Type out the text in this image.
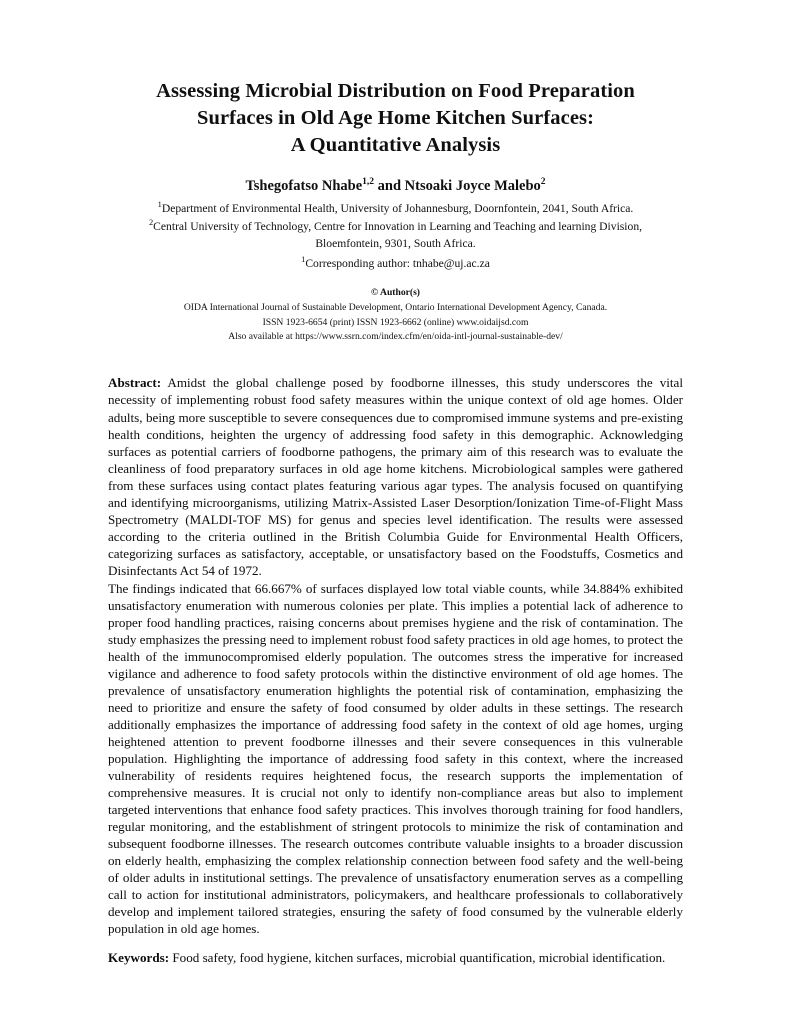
Assessing Microbial Distribution on Food Preparation
Surfaces in Old Age Home Kitchen Surfaces:
A Quantitative Analysis
Tshegofatso Nhabe$^{1,2}$ and Ntsoaki Joyce Malebo$^2$
$^1$Department of Environmental Health, University of Johannesburg, Doornfontein, 2041, South Africa.
$^2$Central University of Technology, Centre for Innovation in Learning and Teaching and learning Division,
Bloemfontein, 9301, South Africa.
$^1$Corresponding author: tnhabe@uj.ac.za
© Author(s)
OIDA International Journal of Sustainable Development, Ontario International Development Agency, Canada.
ISSN 1923-6654 (print) ISSN 1923-6662 (online) www.oidaijsd.com
Also available at https://www.ssrn.com/index.cfm/en/oida-intl-journal-sustainable-dev/

Abstract: Amidst the global challenge posed by foodborne illnesses, this study underscores the vital necessity of implementing robust food safety measures within the unique context of old age homes. Older adults, being more susceptible to severe consequences due to compromised immune systems and pre-existing health conditions, heighten the urgency of addressing food safety in this demographic. Acknowledging surfaces as potential carriers of foodborne pathogens, the primary aim of this research was to evaluate the cleanliness of food preparatory surfaces in old age home kitchens. Microbiological samples were gathered from these surfaces using contact plates featuring various agar types. The analysis focused on quantifying and identifying microorganisms, utilizing Matrix-Assisted Laser Desorption/Ionization Time-of-Flight Mass Spectrometry (MALDI-TOF MS) for genus and species level identification. The results were assessed according to the criteria outlined in the British Columbia Guide for Environmental Health Officers, categorizing surfaces as satisfactory, acceptable, or unsatisfactory based on the Foodstuffs, Cosmetics and Disinfectants Act 54 of 1972.

The findings indicated that 66.667% of surfaces displayed low total viable counts, while 34.884% exhibited unsatisfactory enumeration with numerous colonies per plate. This implies a potential lack of adherence to proper food handling practices, raising concerns about premises hygiene and the risk of contamination. The study emphasizes the pressing need to implement robust food safety practices in old age homes, to protect the health of the immunocompromised elderly population. The outcomes stress the imperative for increased vigilance and adherence to food safety protocols within the distinctive environment of old age homes. The prevalence of unsatisfactory enumeration highlights the potential risk of contamination, emphasizing the need to prioritize and ensure the safety of food consumed by older adults in these settings. The research additionally emphasizes the importance of addressing food safety in the context of old age homes, urging heightened attention to prevent foodborne illnesses and their severe consequences in this vulnerable population. Highlighting the importance of addressing food safety in this context, where the increased vulnerability of residents requires heightened focus, the research supports the implementation of comprehensive measures. It is crucial not only to identify non-compliance areas but also to implement targeted interventions that enhance food safety practices. This involves thorough training for food handlers, regular monitoring, and the establishment of stringent protocols to minimize the risk of contamination and subsequent foodborne illnesses. The research outcomes contribute valuable insights to a broader discussion on elderly health, emphasizing the complex relationship connection between food safety and the well-being of older adults in institutional settings. The prevalence of unsatisfactory enumeration serves as a compelling call to action for institutional administrators, policymakers, and healthcare professionals to collaboratively develop and implement tailored strategies, ensuring the safety of food consumed by the vulnerable elderly population in old age homes.

Keywords: Food safety, food hygiene, kitchen surfaces, microbial quantification, microbial identification.
